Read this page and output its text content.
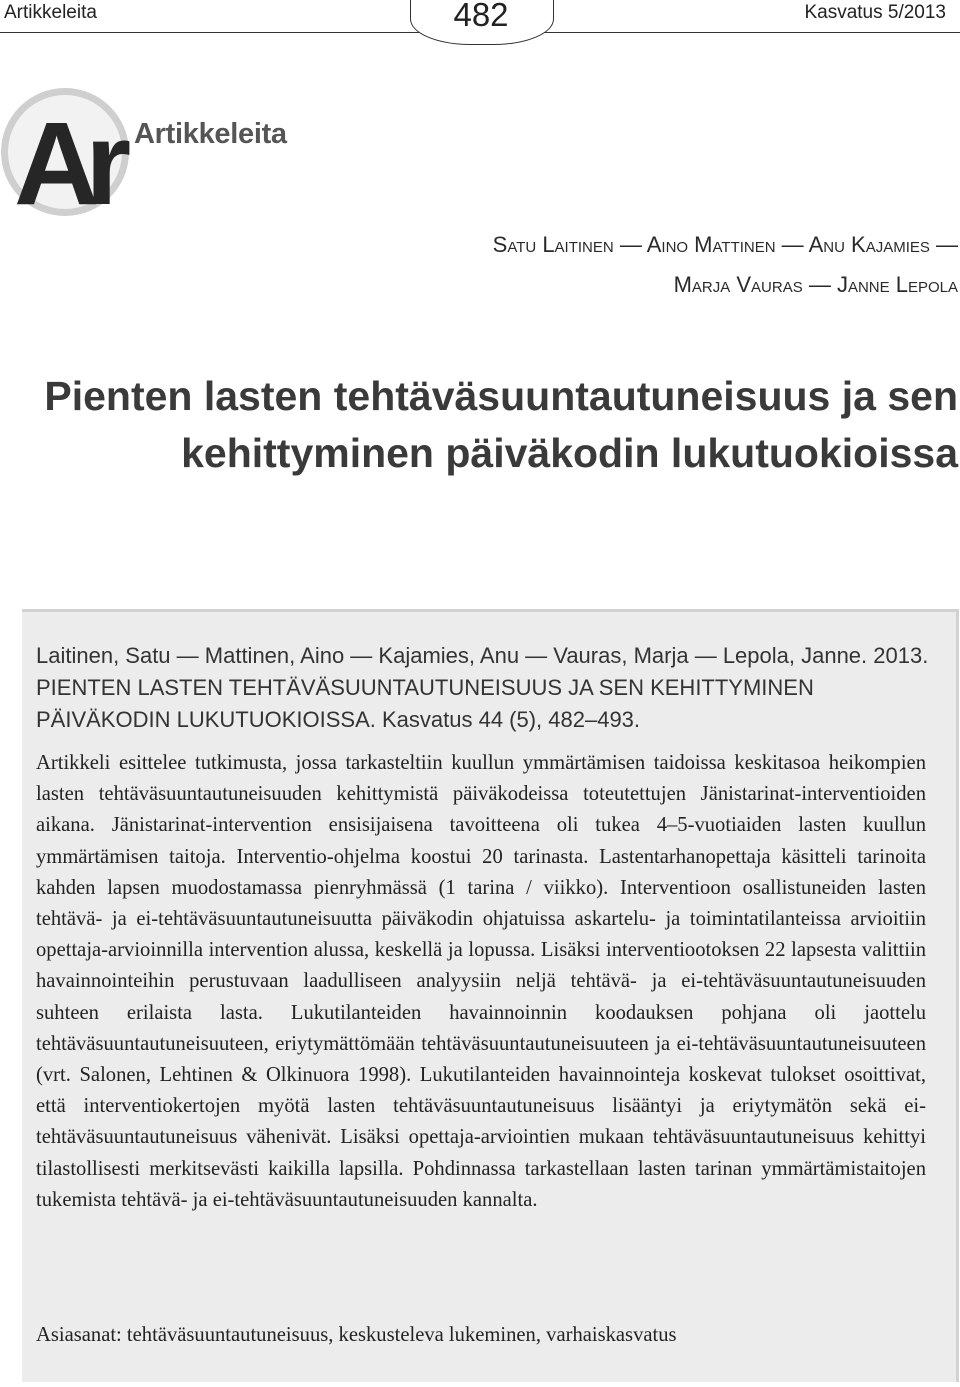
Artikkeleita	482	Kasvatus 5/2013
Ar Artikkeleita
Satu Laitinen — Aino Mattinen — Anu Kajamies —
Marja Vauras — Janne Lepola
Pienten lasten tehtäväsuuntautuneisuus ja sen
kehittyminen päiväkodin lukutuokioissa

Laitinen, Satu — Mattinen, Aino — Kajamies, Anu — Vauras, Marja — Lepola, Janne. 2013. PIENTEN LASTEN TEHTÄVÄSUUNTAUTUNEISUUS JA SEN KEHITTYMINEN PÄIVÄKODIN LUKUTUOKIOISSA. Kasvatus 44 (5), 482–493.

Artikkeli esittelee tutkimusta, jossa tarkasteltiin kuullun ymmärtämisen taidoissa keskitasoa heikompien lasten tehtäväsuuntautuneisuuden kehittymistä päiväkodeissa toteutettujen Jänistarinat-interventioiden aikana. Jänistarinat-intervention ensisijaisena tavoitteena oli tukea 4–5-vuotiaiden lasten kuullun ymmärtämisen taitoja. Interventio-ohjelma koostui 20 tarinasta. Lastentarhanopettaja käsitteli tarinoita kahden lapsen muodostamassa pienryhmässä (1 tarina / viikko). Interventioon osallistuneiden lasten tehtävä- ja ei-tehtäväsuuntautuneisuutta päiväkodin ohjatuissa askartelu- ja toimintatilanteissa arvioitiin opettaja-arvioinnilla intervention alussa, keskellä ja lopussa. Lisäksi interventiootoksen 22 lapsesta valittiin havainnointeihin perustuvaan laadulliseen analyysiin neljä tehtävä- ja ei-tehtäväsuuntautuneisuuden suhteen erilaista lasta. Lukutilanteiden havainnoinnin koodauksen pohjana oli jaottelu tehtäväsuuntautuneisuuteen, eriytymättömään tehtäväsuuntautuneisuuteen ja ei-tehtäväsuuntautuneisuuteen (vrt. Salonen, Lehtinen & Olkinuora 1998). Lukutilanteiden havainnointeja koskevat tulokset osoittivat, että interventiokertojen myötä lasten tehtäväsuuntautuneisuus lisääntyi ja eriytymätön sekä ei-tehtäväsuuntautuneisuus vähenivät. Lisäksi opettaja-arviointien mukaan tehtäväsuuntautuneisuus kehittyi tilastollisesti merkitsevästi kaikilla lapsilla. Pohdinnassa tarkastellaan lasten tarinan ymmärtämistaitojen tukemista tehtävä- ja ei-tehtäväsuuntautuneisuuden kannalta.

Asiasanat: tehtäväsuuntautuneisuus, keskusteleva lukeminen, varhaiskasvatus
